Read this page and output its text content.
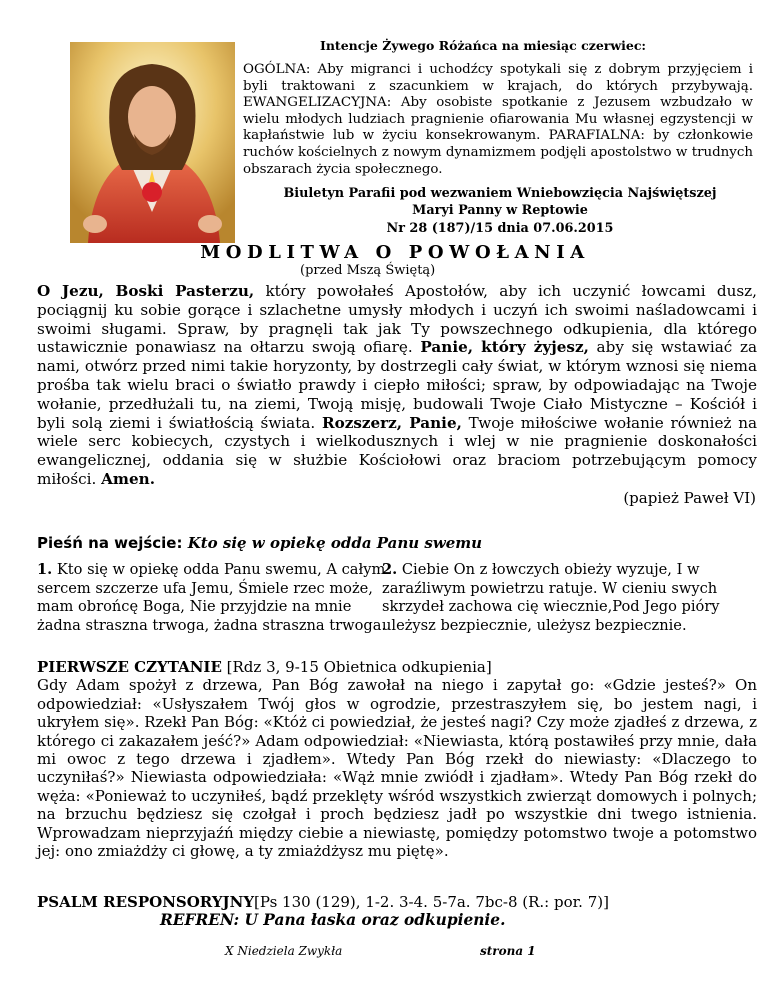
Intencje Żywego Różańca na miesiąc czerwiec:
OGÓLNA: Aby migranci i uchodźcy spotykali się z dobrym przyjęciem i byli traktowani z szacunkiem w krajach, do których przybywają. EWANGELIZACYJNA: Aby osobiste spotkanie z Jezusem wzbudzało w wielu młodych ludziach pragnienie ofiarowania Mu własnej egzystencji w kapłaństwie lub w życiu konsekrowanym. PARAFIALNA: by członkowie ruchów kościelnych z nowym dynamizmem podjęli apostolstwo w trudnych obszarach życia społecznego.
Biuletyn Parafii pod wezwaniem Wniebowzięcia Najświętszej
Maryi Panny w Reptowie
Nr 28 (187)/15 dnia 07.06.2015
MODLITWA O POWOŁANIA
(przed Mszą Świętą)
O Jezu, Boski Pasterzu, który powołałeś Apostołów, aby ich uczynić łowcami dusz, pociągnij ku sobie gorące i szlachetne umysły młodych i uczyń ich swoimi naśladowcami i swoimi sługami. Spraw, by pragnęli tak jak Ty powszechnego odkupienia, dla którego ustawicznie ponawiasz na ołtarzu swoją ofiarę. Panie, który żyjesz, aby się wstawiać za nami, otwórz przed nimi takie horyzonty, by dostrzegli cały świat, w którym wznosi się niema prośba tak wielu braci o światło prawdy i ciepło miłości; spraw, by odpowiadając na Twoje wołanie, przedłużali tu, na ziemi, Twoją misję, budowali Twoje Ciało Mistyczne – Kościół i byli solą ziemi i światłością świata. Rozszerz, Panie, Twoje miłościwe wołanie również na wiele serc kobiecych, czystych i wielkodusznych i wlej w nie pragnienie doskonałości ewangelicznej, oddania się w służbie Kościołowi oraz braciom potrzebującym pomocy miłości. Amen.
(papież Paweł VI)
Pieśń na wejście: Kto się w opiekę odda Panu swemu
1. Kto się w opiekę odda Panu swemu, A całym sercem szczerze ufa Jemu, Śmiele rzec może, mam obrońcę Boga, Nie przyjdzie na mnie żadna straszna trwoga, żadna straszna trwoga.
2. Ciebie On z łowczych obieży wyzuje, I w zaraźliwym powietrzu ratuje. W cieniu swych skrzydeł zachowa cię wiecznie,Pod Jego pióry uleżysz bezpiecznie, uleżysz bezpiecznie.
PIERWSZE CZYTANIE [Rdz 3, 9-15 Obietnica odkupienia]
Gdy Adam spożył z drzewa, Pan Bóg zawołał na niego i zapytał go: «Gdzie jesteś?» On odpowiedział: «Usłyszałem Twój głos w ogrodzie, przestraszyłem się, bo jestem nagi, i ukryłem się». Rzekł Pan Bóg: «Któż ci powiedział, że jesteś nagi? Czy może zjadłeś z drzewa, z którego ci zakazałem jeść?» Adam odpowiedział: «Niewiasta, którą postawiłeś przy mnie, dała mi owoc z tego drzewa i zjadłem». Wtedy Pan Bóg rzekł do niewiasty: «Dlaczego to uczyniłaś?» Niewiasta odpowiedziała: «Wąż mnie zwiódł i zjadłam». Wtedy Pan Bóg rzekł do węża: «Ponieważ to uczyniłeś, bądź przeklęty wśród wszystkich zwierząt domowych i polnych; na brzuchu będziesz się czołgał i proch będziesz jadł po wszystkie dni twego istnienia. Wprowadzam nieprzyjaźń między ciebie a niewiastę, pomiędzy potomstwo twoje a potomstwo jej: ono zmiażdży ci głowę, a ty zmiażdżysz mu piętę».
PSALM RESPONSORYJNY[Ps 130 (129), 1-2. 3-4. 5-7a. 7bc-8 (R.: por. 7)]
REFREN: U Pana łaska oraz odkupienie.
X Niedziela Zwykła	strona 1
